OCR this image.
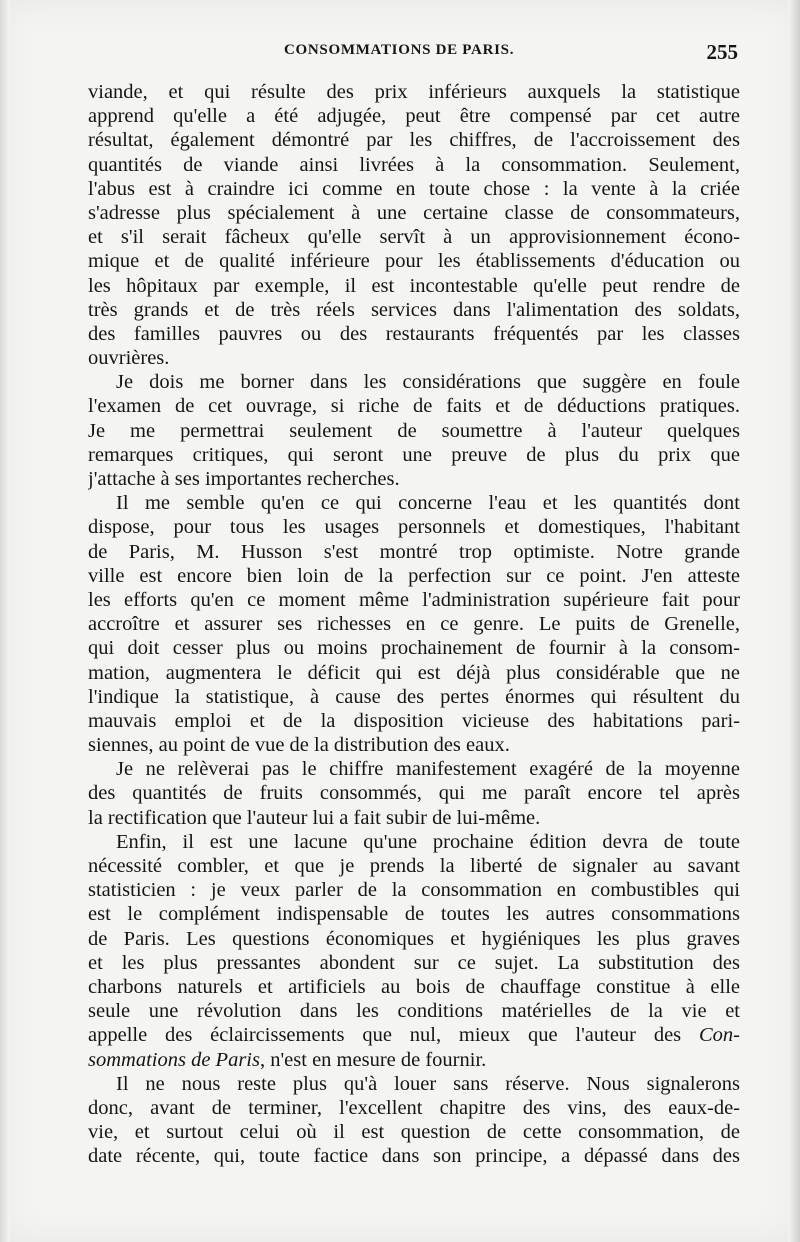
CONSOMMATIONS DE PARIS.	255
viande, et qui résulte des prix inférieurs auxquels la statistique
apprend qu'elle a été adjugée, peut être compensé par cet autre
résultat, également démontré par les chiffres, de l'accroissement des
quantités de viande ainsi livrées à la consommation. Seulement,
l'abus est à craindre ici comme en toute chose : la vente à la criée
s'adresse plus spécialement à une certaine classe de consommateurs,
et s'il serait fâcheux qu'elle servît à un approvisionnement écono-
mique et de qualité inférieure pour les établissements d'éducation ou
les hôpitaux par exemple, il est incontestable qu'elle peut rendre de
très grands et de très réels services dans l'alimentation des soldats,
des familles pauvres ou des restaurants fréquentés par les classes
ouvrières.
Je dois me borner dans les considérations que suggère en foule
l'examen de cet ouvrage, si riche de faits et de déductions pratiques.
Je me permettrai seulement de soumettre à l'auteur quelques
remarques critiques, qui seront une preuve de plus du prix que
j'attache à ses importantes recherches.
Il me semble qu'en ce qui concerne l'eau et les quantités dont
dispose, pour tous les usages personnels et domestiques, l'habitant
de Paris, M. Husson s'est montré trop optimiste. Notre grande
ville est encore bien loin de la perfection sur ce point. J'en atteste
les efforts qu'en ce moment même l'administration supérieure fait pour
accroître et assurer ses richesses en ce genre. Le puits de Grenelle,
qui doit cesser plus ou moins prochainement de fournir à la consom-
mation, augmentera le déficit qui est déjà plus considérable que ne
l'indique la statistique, à cause des pertes énormes qui résultent du
mauvais emploi et de la disposition vicieuse des habitations pari-
siennes, au point de vue de la distribution des eaux.
Je ne relèverai pas le chiffre manifestement exagéré de la moyenne
des quantités de fruits consommés, qui me paraît encore tel après
la rectification que l'auteur lui a fait subir de lui-même.
Enfin, il est une lacune qu'une prochaine édition devra de toute
nécessité combler, et que je prends la liberté de signaler au savant
statisticien : je veux parler de la consommation en combustibles qui
est le complément indispensable de toutes les autres consommations
de Paris. Les questions économiques et hygiéniques les plus graves
et les plus pressantes abondent sur ce sujet. La substitution des
charbons naturels et artificiels au bois de chauffage constitue à elle
seule une révolution dans les conditions matérielles de la vie et
appelle des éclaircissements que nul, mieux que l'auteur des Con-
sommations de Paris, n'est en mesure de fournir.
Il ne nous reste plus qu'à louer sans réserve. Nous signalerons
donc, avant de terminer, l'excellent chapitre des vins, des eaux-de-
vie, et surtout celui où il est question de cette consommation, de
date récente, qui, toute factice dans son principe, a dépassé dans des
